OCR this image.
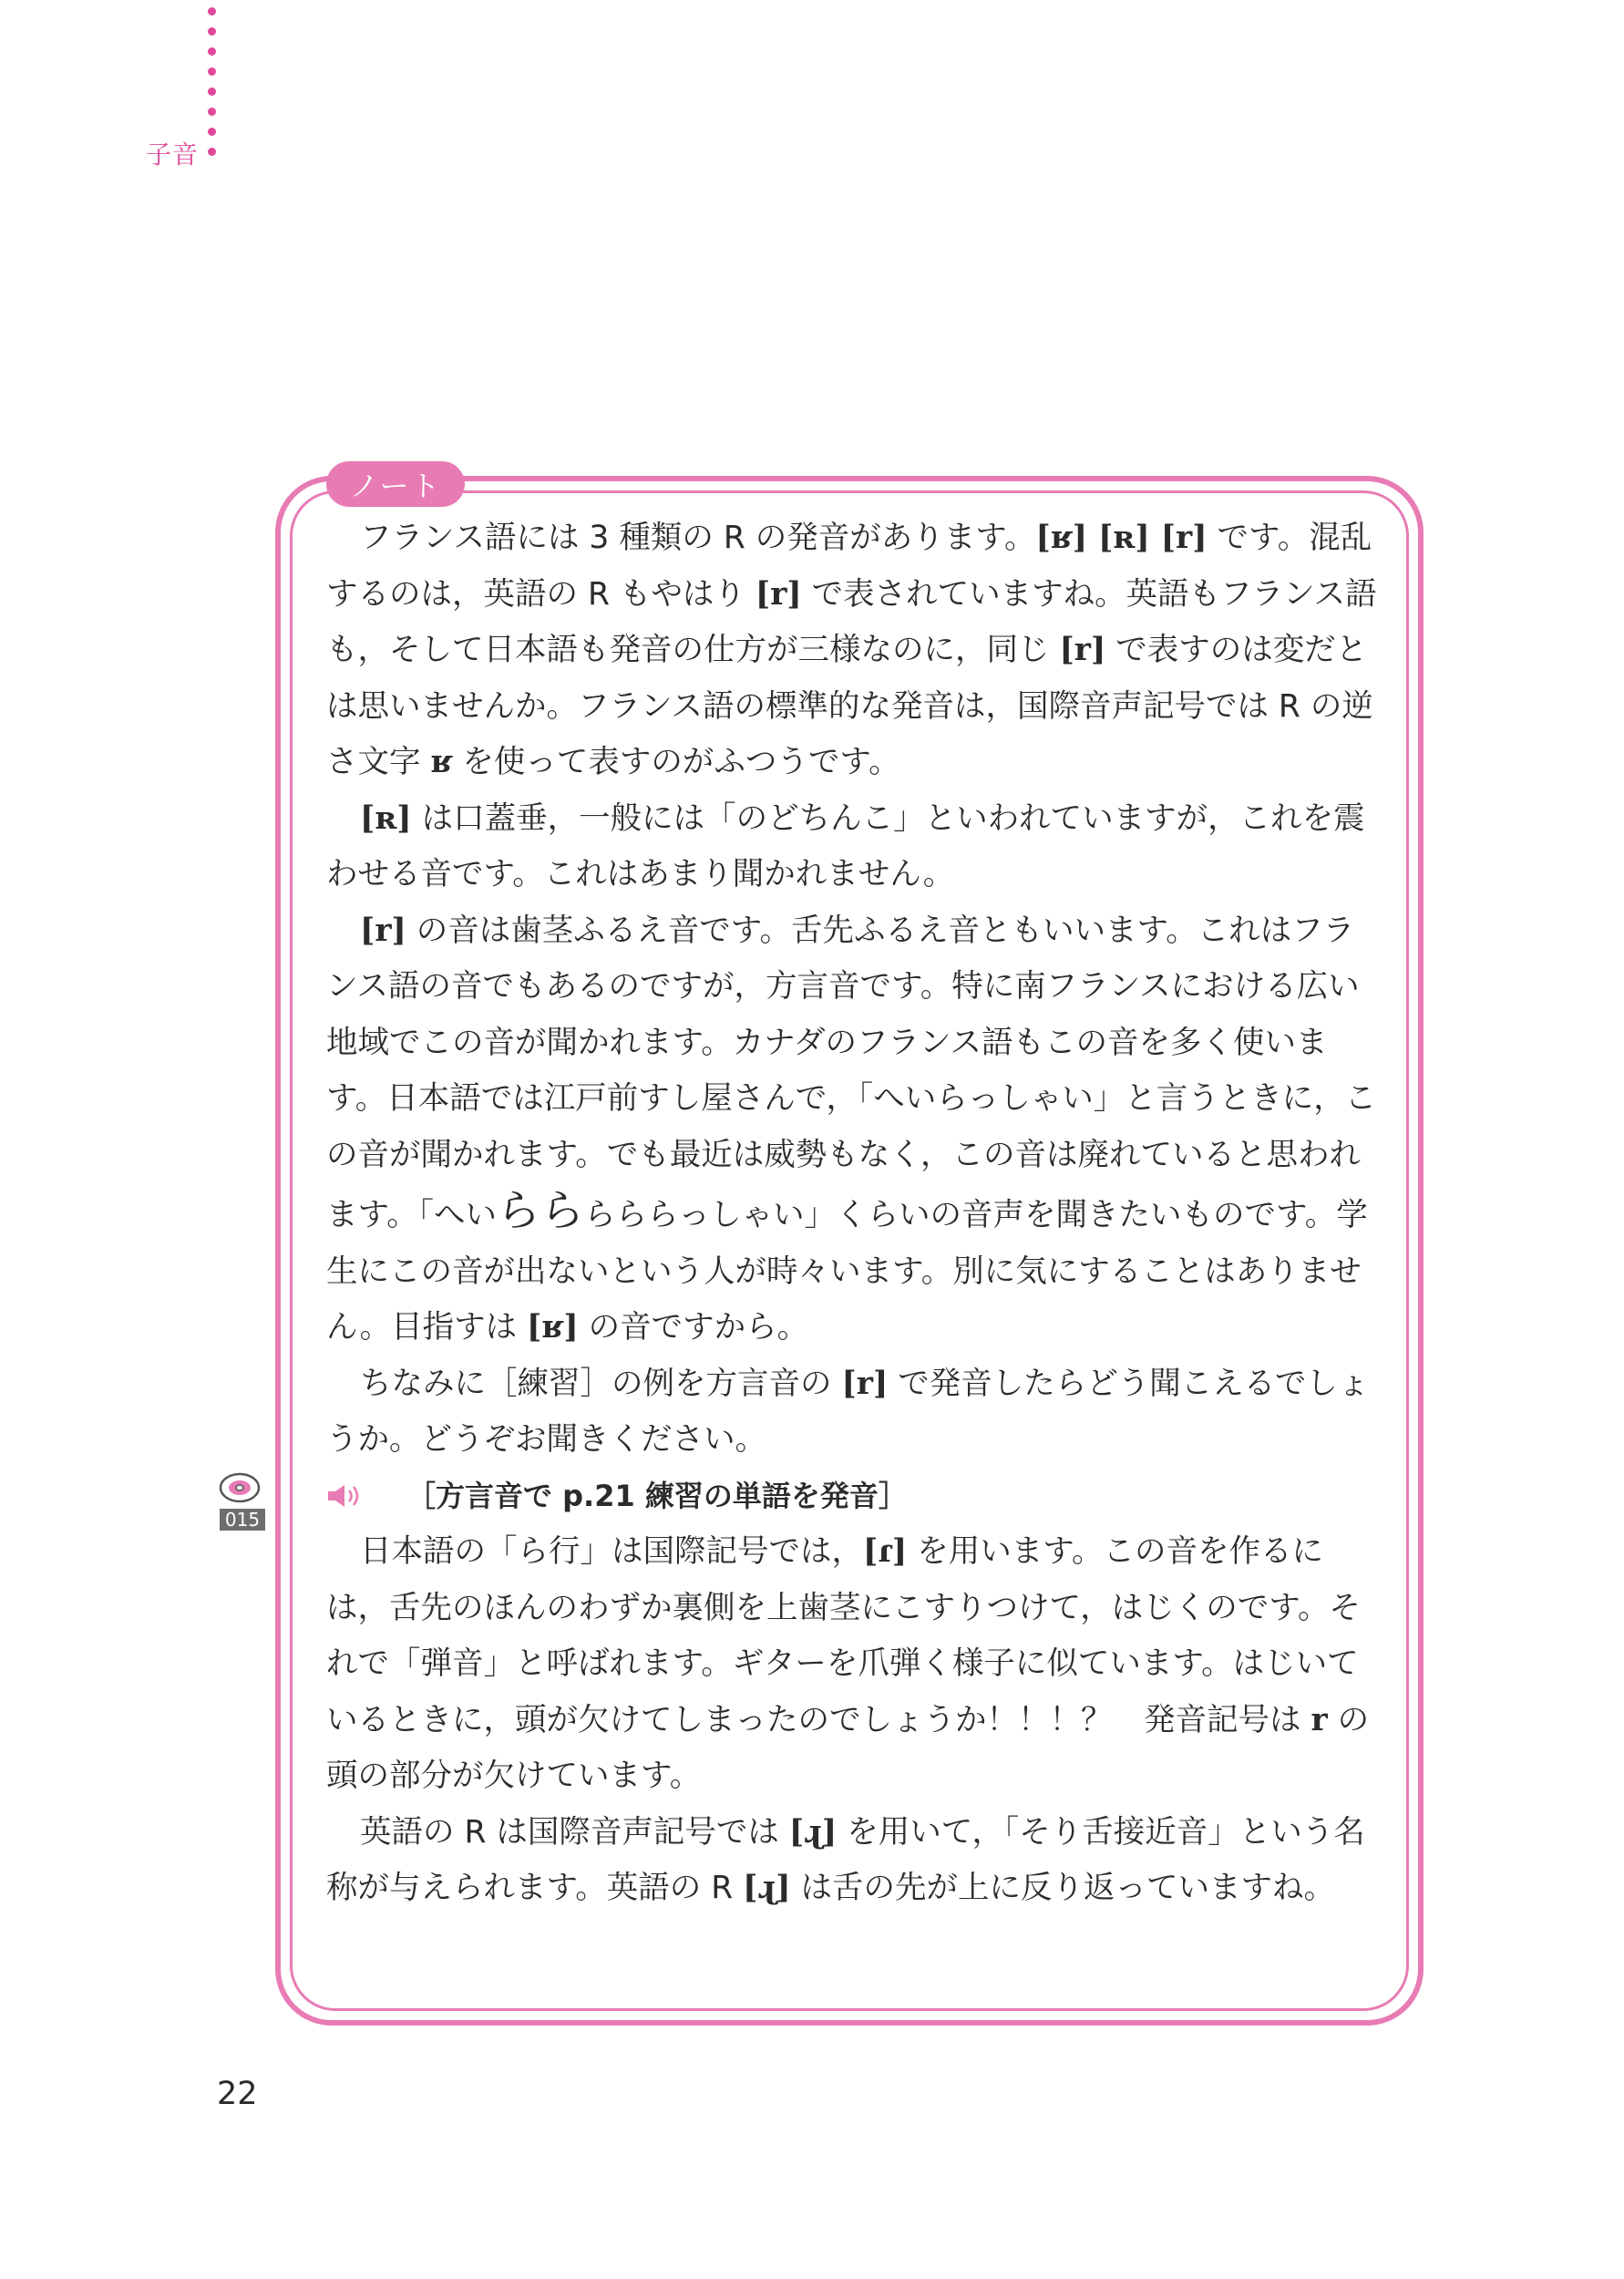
子音
ノート

フランス語には 3 種類の R の発音があります。[ʁ] [ʀ] [r] です。混乱するのは，英語の R もやはり [r] で表されていますね。英語もフランス語も，そして日本語も発音の仕方が三様なのに，同じ [r] で表すのは変だとは思いませんか。フランス語の標準的な発音は，国際音声記号では R の逆さ文字 ʁ を使って表すのがふつうです。

[ʀ] は口蓋垂，一般には「のどちんこ」といわれていますが，これを震わせる音です。これはあまり聞かれません。

[r] の音は歯茎ふるえ音です。舌先ふるえ音ともいいます。これはフランス語の音でもあるのですが，方言音です。特に南フランスにおける広い地域でこの音が聞かれます。カナダのフランス語もこの音を多く使います。日本語では江戸前すし屋さんで，「へいらっしゃい」と言うときに，この音が聞かれます。でも最近は威勢もなく，この音は廃れていると思われます。「へいらららららっしゃい」くらいの音声を聞きたいものです。学生にこの音が出ないという人が時々います。別に気にすることはありません。目指すは [ʁ] の音ですから。

ちなみに［練習］の例を方言音の [r] で発音したらどう聞こえるでしょうか。どうぞお聞きください。

［方言音で p.21 練習の単語を発音］

日本語の「ら行」は国際記号では，[ɾ] を用います。この音を作るには，舌先のほんのわずか裏側を上歯茎にこすりつけて，はじくのです。それで「弾音」と呼ばれます。ギターを爪弾く様子に似ています。はじいているときに，頭が欠けてしまったのでしょうか！！！？　発音記号は r の頭の部分が欠けています。

英語の R は国際音声記号では [ɻ] を用いて，「そり舌接近音」という名称が与えられます。英語の R [ɻ] は舌の先が上に反り返っていますね。

015
22
